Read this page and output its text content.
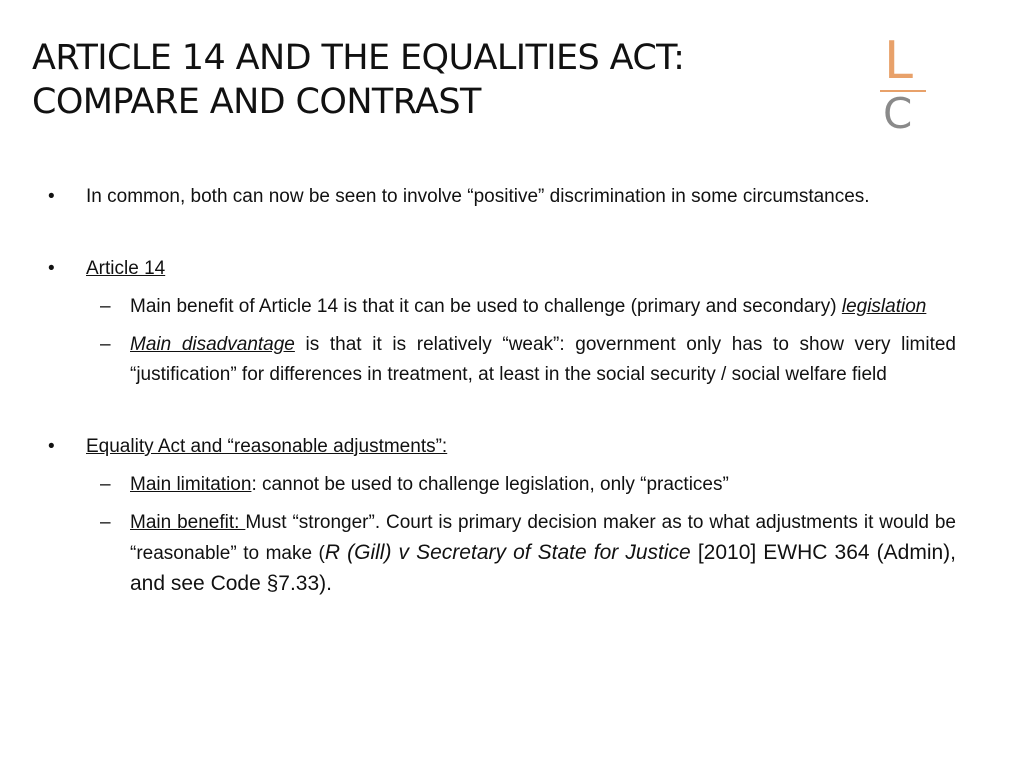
ARTICLE 14 AND THE EQUALITIES ACT:
COMPARE AND CONTRAST
L
C

• In common, both can now be seen to involve “positive” discrimination in some circumstances.

• Article 14

– Main benefit of Article 14 is that it can be used to challenge (primary and secondary) legislation
– Main disadvantage is that it is relatively “weak”: government only has to show very limited “justification” for differences in treatment, at least in the social security / social welfare field

• Equality Act and “reasonable adjustments”:

– Main limitation: cannot be used to challenge legislation, only “practices”
– Main benefit: Must “stronger”. Court is primary decision maker as to what adjustments it would be “reasonable” to make (R (Gill) v Secretary of State for Justice [2010] EWHC 364 (Admin), and see Code §7.33).
